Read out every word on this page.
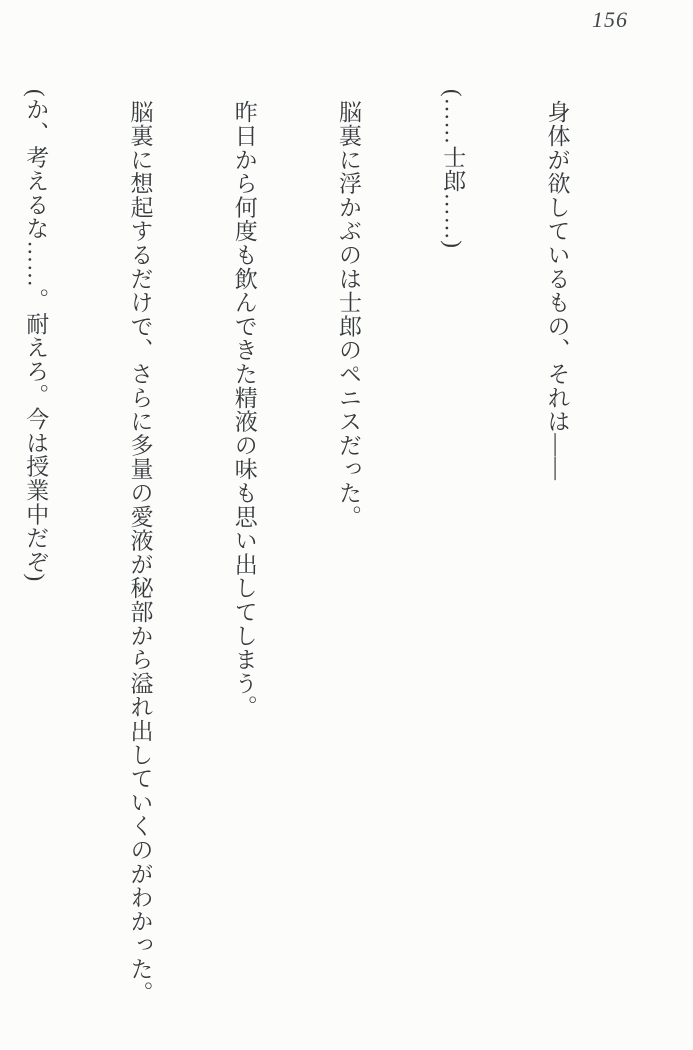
156

身体が欲しているもの、それは――

(……士郎……)

脳裏に浮かぶのは士郎のペニスだった。

昨日から何度も飲んできた精液の味も思い出してしまう。

脳裏に想起するだけで、さらに多量の愛液が秘部から溢れ出していくのがわかった。

(か、考えるな……。耐えろ。今は授業中だぞ)
